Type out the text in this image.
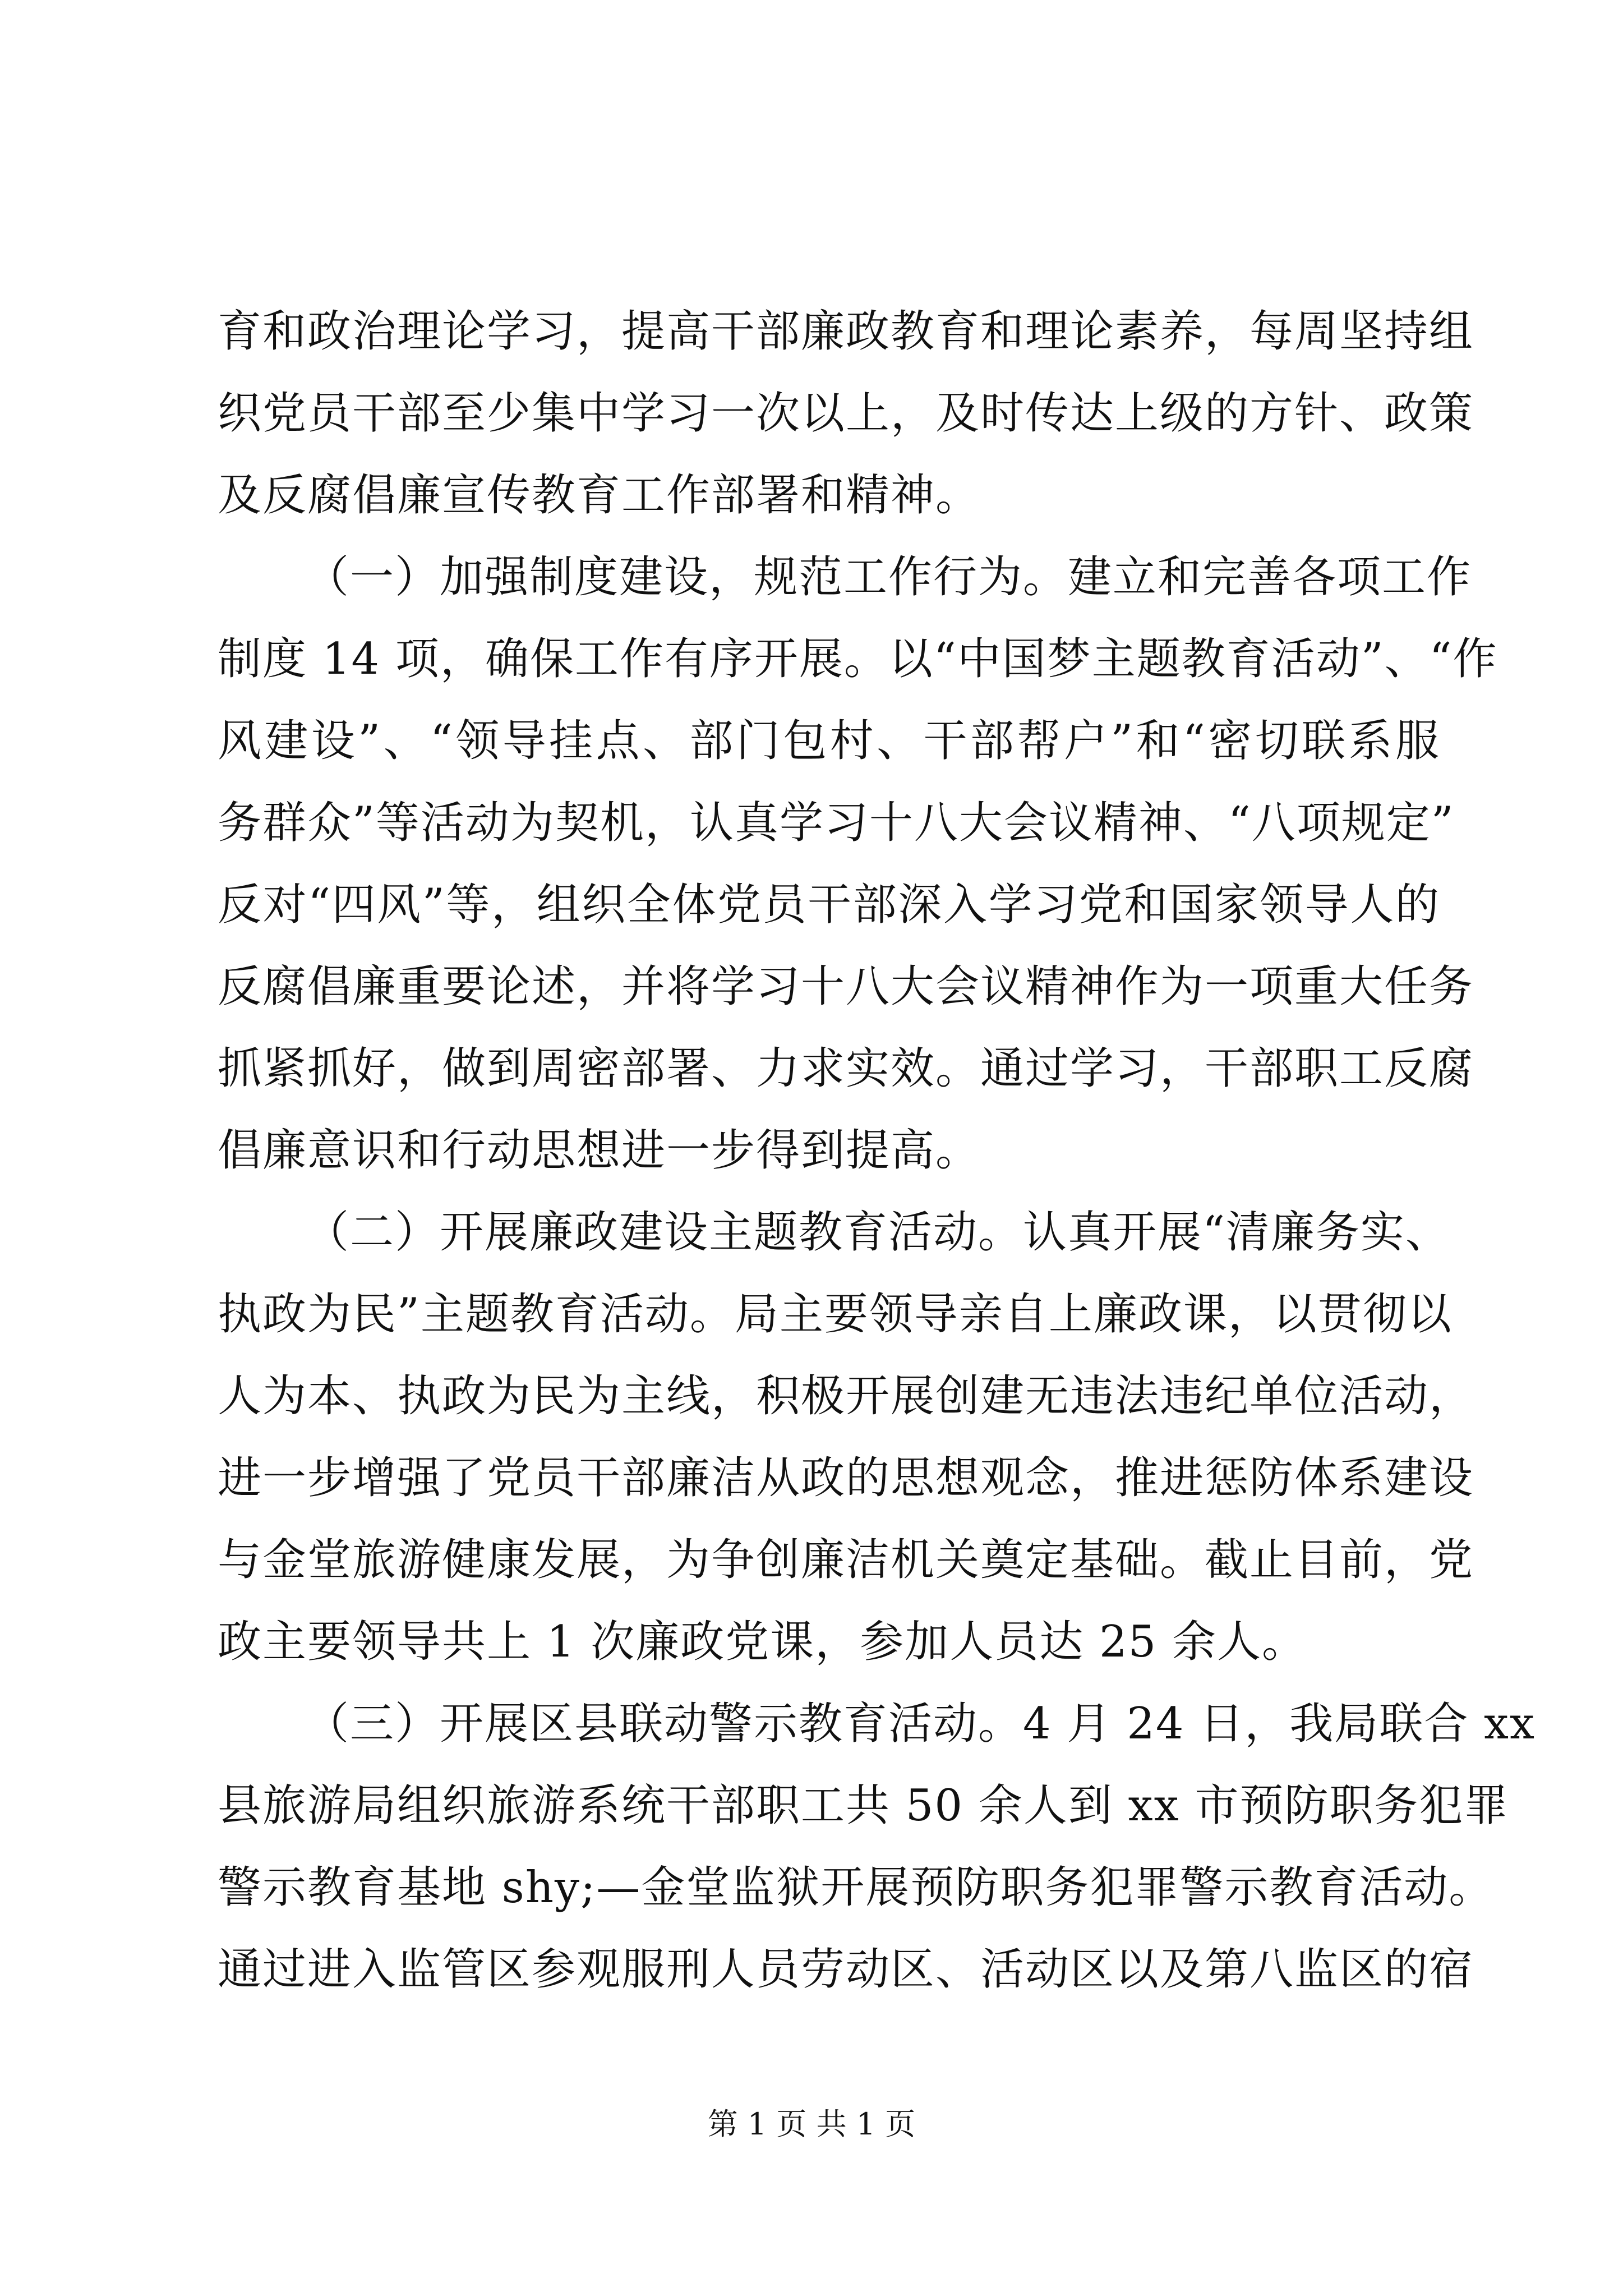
育和政治理论学习，提高干部廉政教育和理论素养，每周坚持组
织党员干部至少集中学习一次以上，及时传达上级的方针、政策
及反腐倡廉宣传教育工作部署和精神。
（一）加强制度建设，规范工作行为。建立和完善各项工作
制度 14 项，确保工作有序开展。以“中国梦主题教育活动”、“作
风建设”、“领导挂点、部门包村、干部帮户”和“密切联系服
务群众”等活动为契机，认真学习十八大会议精神、“八项规定”
反对“四风”等，组织全体党员干部深入学习党和国家领导人的
反腐倡廉重要论述，并将学习十八大会议精神作为一项重大任务
抓紧抓好，做到周密部署、力求实效。通过学习，干部职工反腐
倡廉意识和行动思想进一步得到提高。
（二）开展廉政建设主题教育活动。认真开展“清廉务实、
执政为民”主题教育活动。局主要领导亲自上廉政课，以贯彻以
人为本、执政为民为主线，积极开展创建无违法违纪单位活动，
进一步增强了党员干部廉洁从政的思想观念，推进惩防体系建设
与金堂旅游健康发展，为争创廉洁机关奠定基础。截止目前，党
政主要领导共上 1 次廉政党课，参加人员达 25 余人。
（三）开展区县联动警示教育活动。4 月 24 日，我局联合 xx
县旅游局组织旅游系统干部职工共 50 余人到 xx 市预防职务犯罪
警示教育基地 shy;—金堂监狱开展预防职务犯罪警示教育活动。
通过进入监管区参观服刑人员劳动区、活动区以及第八监区的宿
第 1 页 共 1 页
